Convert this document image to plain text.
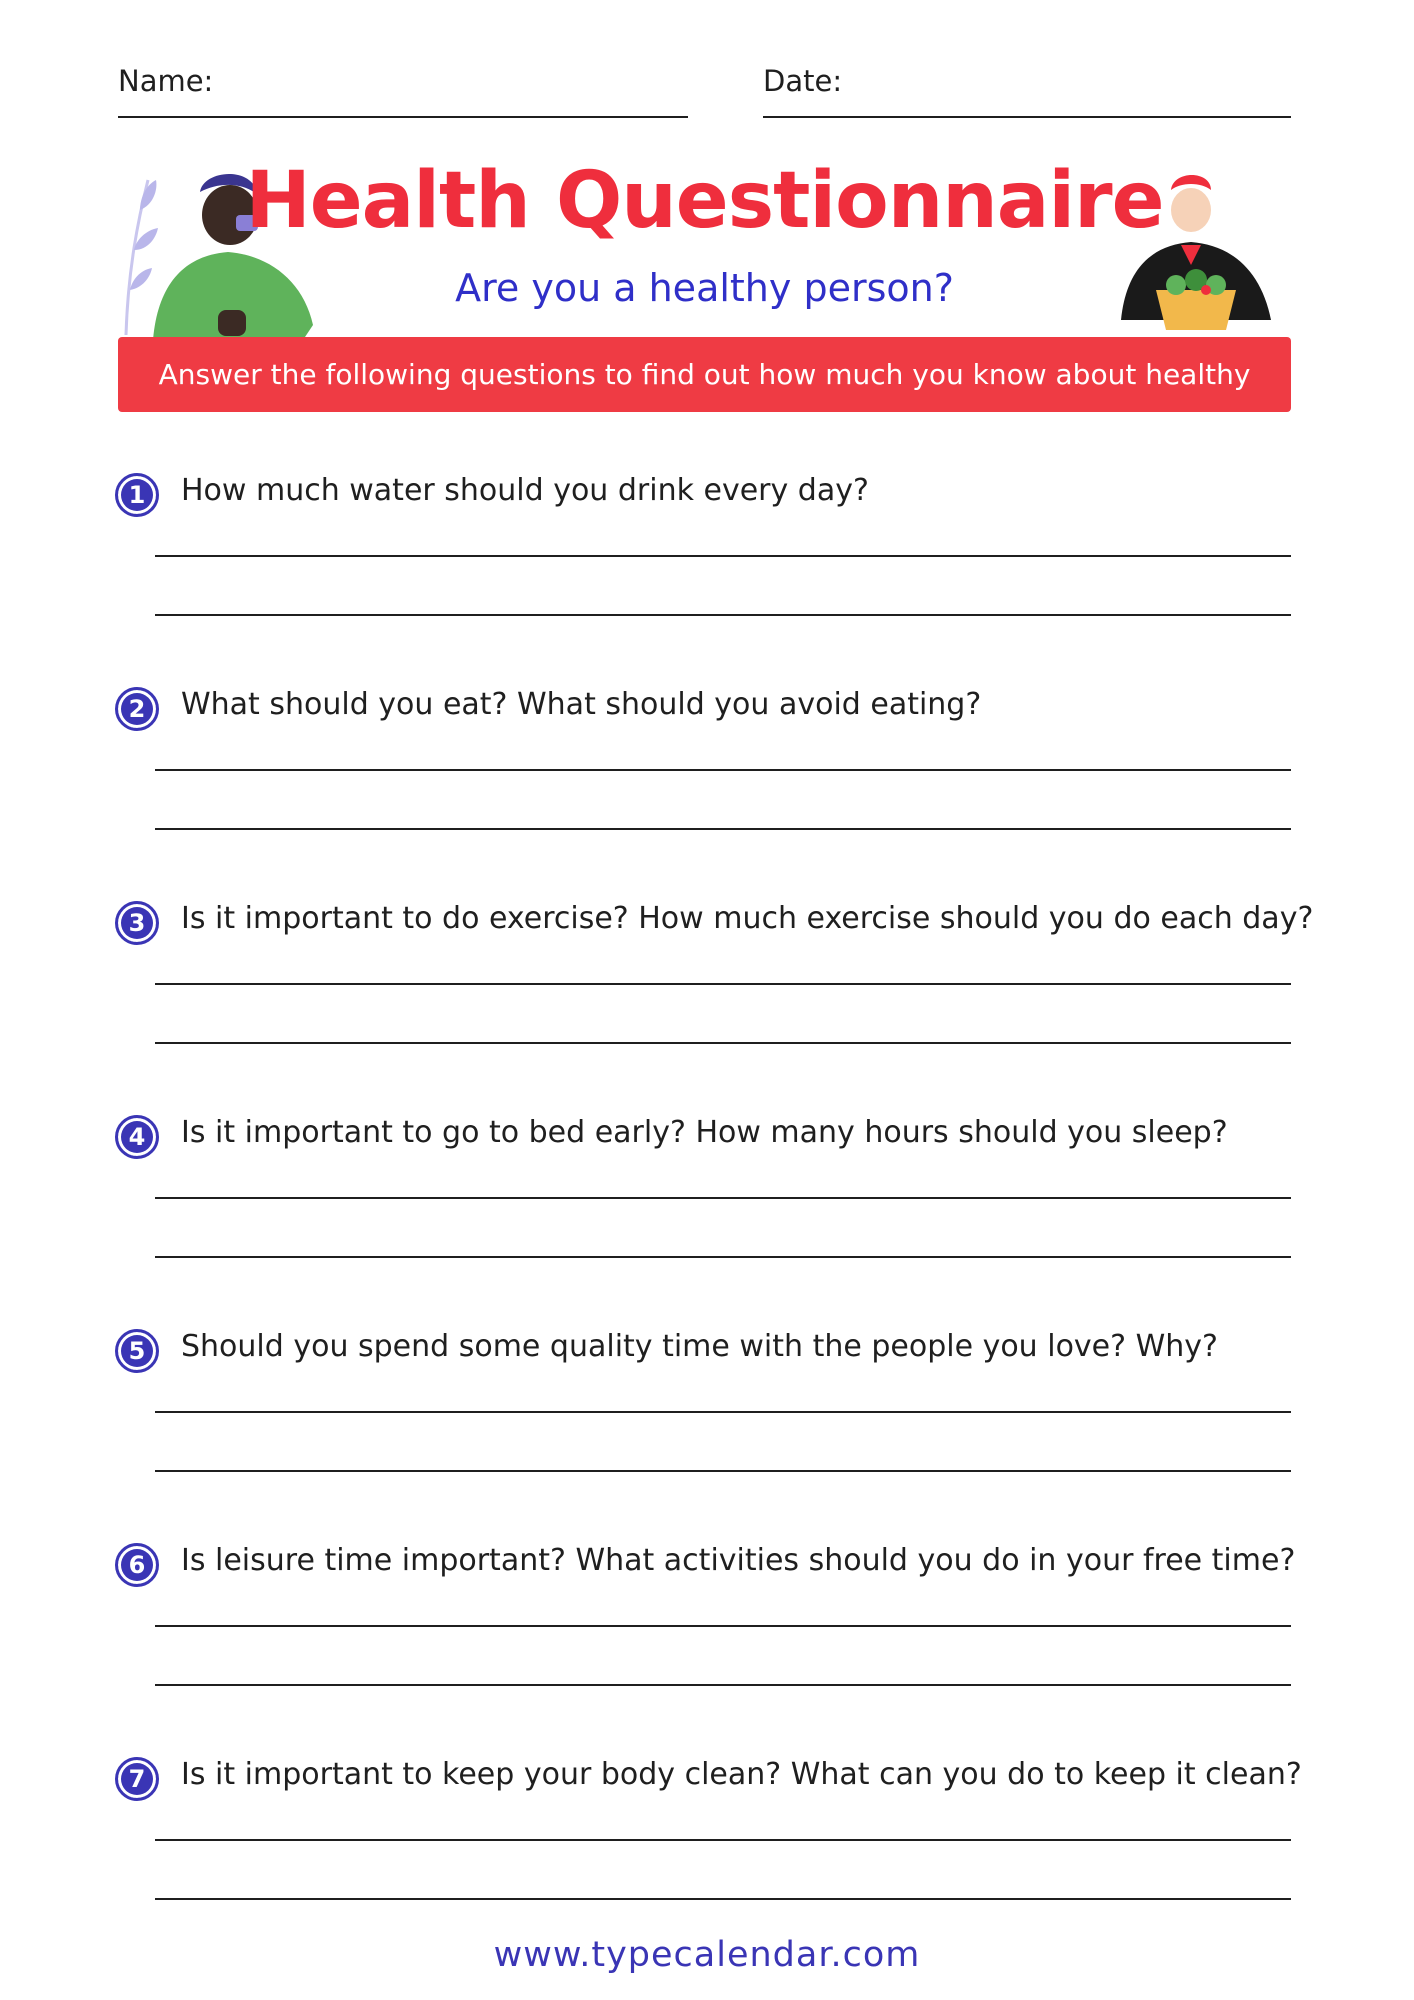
Name:	Date:
Health Questionnaire
Are you a healthy person?
Answer the following questions to find out how much you know about healthy habits
1	How much water should you drink every day?
2	What should you eat? What should you avoid eating?
3	Is it important to do exercise? How much exercise should you do each day?
4	Is it important to go to bed early? How many hours should you sleep?
5	Should you spend some quality time with the people you love? Why?
6	Is leisure time important? What activities should you do in your free time?
7	Is it important to keep your body clean? What can you do to keep it clean?
www.typecalendar.com
